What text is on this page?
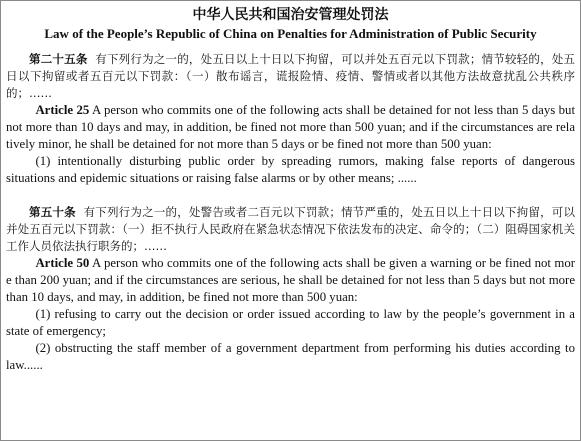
中华人民共和国治安管理处罚法

Law of the People’s Republic of China on Penalties for Administration of Public Security

第二十五条 有下列行为之一的，处五日以上十日以下拘留，可以并处五百元以下罚款；情节较轻的，处五日以下拘留或者五百元以下罚款：（一）散布谣言，谎报险情、疫情、警情或者以其他方法故意扰乱公共秩序的；……

Article 25 A person who commits one of the following acts shall be detained for not less than 5 days but not more than 10 days and may, in addition, be fined not more than 500 yuan; and if the circumstances are relatively minor, he shall be detained for not more than 5 days or be fined not more than 500 yuan:

(1) intentionally disturbing public order by spreading rumors, making false reports of dangerous situations and epidemic situations or raising false alarms or by other means; ......

第五十条 有下列行为之一的，处警告或者二百元以下罚款；情节严重的，处五日以上十日以下拘留，可以并处五百元以下罚款：（一）拒不执行人民政府在紧急状态情况下依法发布的决定、命令的；（二）阻碍国家机关工作人员依法执行职务的；……

Article 50 A person who commits one of the following acts shall be given a warning or be fined not more than 200 yuan; and if the circumstances are serious, he shall be detained for not less than 5 days but not more than 10 days, and may, in addition, be fined not more than 500 yuan:

(1) refusing to carry out the decision or order issued according to law by the people’s government in a state of emergency;

(2) obstructing the staff member of a government department from performing his duties according to law......
